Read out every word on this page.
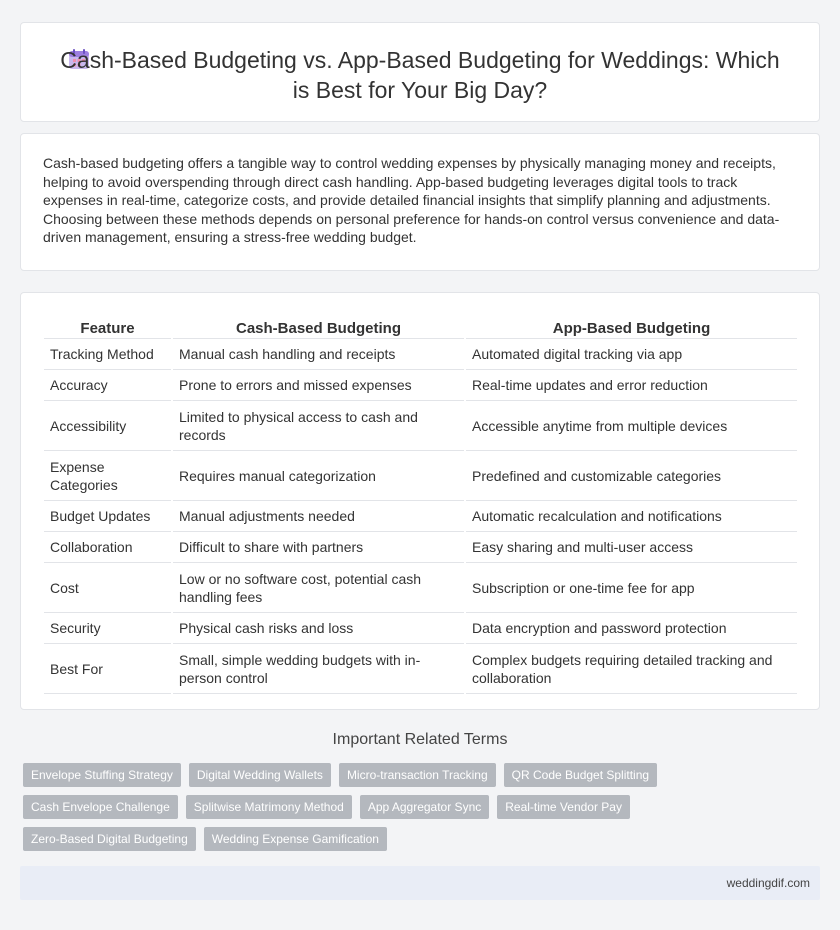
Cash-Based Budgeting vs. App-Based Budgeting for Weddings: Which is Best for Your Big Day?

Cash-based budgeting offers a tangible way to control wedding expenses by physically managing money and receipts, helping to avoid overspending through direct cash handling. App-based budgeting leverages digital tools to track expenses in real-time, categorize costs, and provide detailed financial insights that simplify planning and adjustments. Choosing between these methods depends on personal preference for hands-on control versus convenience and data-driven management, ensuring a stress-free wedding budget.

Feature	Cash-Based Budgeting	App-Based Budgeting
Tracking Method	Manual cash handling and receipts	Automated digital tracking via app
Accuracy	Prone to errors and missed expenses	Real-time updates and error reduction
Accessibility	Limited to physical access to cash and records	Accessible anytime from multiple devices
Expense Categories	Requires manual categorization	Predefined and customizable categories
Budget Updates	Manual adjustments needed	Automatic recalculation and notifications
Collaboration	Difficult to share with partners	Easy sharing and multi-user access
Cost	Low or no software cost, potential cash handling fees	Subscription or one-time fee for app
Security	Physical cash risks and loss	Data encryption and password protection
Best For	Small, simple wedding budgets with in-person control	Complex budgets requiring detailed tracking and collaboration
Important Related Terms
Envelope Stuffing Strategy	Digital Wedding Wallets	Micro-transaction Tracking	QR Code Budget Splitting
Cash Envelope Challenge	Splitwise Matrimony Method	App Aggregator Sync	Real-time Vendor Pay
Zero-Based Digital Budgeting	Wedding Expense Gamification
weddingdif.com
